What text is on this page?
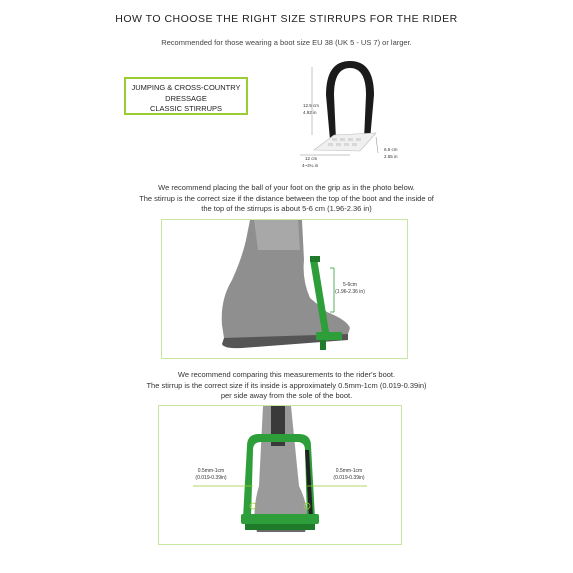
HOW TO CHOOSE THE RIGHT SIZE STIRRUPS FOR THE RIDER
Recommended for those wearing a boot size EU 38 (UK 5 - US 7) or larger.
JUMPING & CROSS-COUNTRY
DRESSAGE
CLASSIC STIRRUPS	12.5 cm
4.92 in
12 cm
4~3¼ in
6.5 cm
2.55 in
We recommend placing the ball of your foot on the grip as in the photo below.
The stirrup is the correct size if the distance between the top of the boot and the inside of
the top of the stirrups is about 5-6 cm (1.96-2.36 in)
5-6cm
(1.96-2.36 in)
We recommend comparing this measurements to the rider's boot.
The stirrup is the correct size if its inside is approximately 0.5mm-1cm (0.019-0.39in)
per side away from the sole of the boot.
0.5mm-1cm
(0.019-0.39in)
0.5mm-1cm
(0.019-0.39in)
